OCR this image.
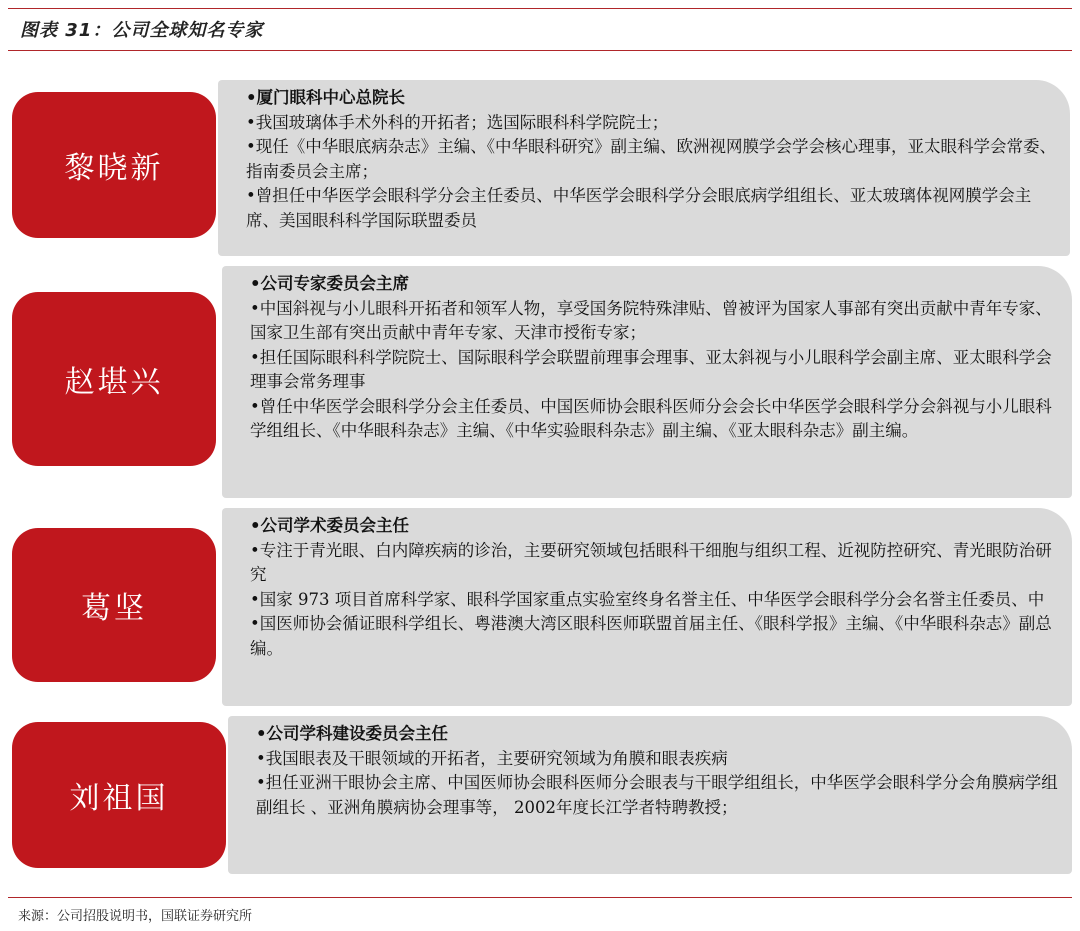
图表 31：公司全球知名专家
黎晓新

•厦门眼科中心总院长

•我国玻璃体手术外科的开拓者；选国际眼科科学院院士；

•现任《中华眼底病杂志》主编、《中华眼科研究》副主编、欧洲视网膜学会学会核心理事，亚太眼科学会常委、指南委员会主席；

•曾担任中华医学会眼科学分会主任委员、中华医学会眼科学分会眼底病学组组长、亚太玻璃体视网膜学会主席、美国眼科科学国际联盟委员

赵堪兴

•公司专家委员会主席

•中国斜视与小儿眼科开拓者和领军人物，享受国务院特殊津贴、曾被评为国家人事部有突出贡献中青年专家、国家卫生部有突出贡献中青年专家、天津市授衔专家；

•担任国际眼科科学院院士、国际眼科学会联盟前理事会理事、亚太斜视与小儿眼科学会副主席、亚太眼科学会理事会常务理事

•曾任中华医学会眼科学分会主任委员、中国医师协会眼科医师分会会长中华医学会眼科学分会斜视与小儿眼科学组组长、《中华眼科杂志》主编、《中华实验眼科杂志》副主编、《亚太眼科杂志》副主编。

葛坚

•公司学术委员会主任

•专注于青光眼、白内障疾病的诊治，主要研究领域包括眼科干细胞与组织工程、近视防控研究、青光眼防治研究

•国家 973 项目首席科学家、眼科学国家重点实验室终身名誉主任、中华医学会眼科学分会名誉主任委员、中

•国医师协会循证眼科学组长、粤港澳大湾区眼科医师联盟首届主任、《眼科学报》主编、《中华眼科杂志》副总编。

刘祖国

•公司学科建设委员会主任

•我国眼表及干眼领域的开拓者，主要研究领域为角膜和眼表疾病

•担任亚洲干眼协会主席、中国医师协会眼科医师分会眼表与干眼学组组长，中华医学会眼科学分会角膜病学组副组长 、亚洲角膜病协会理事等， 2002年度长江学者特聘教授；

来源：公司招股说明书，国联证券研究所
